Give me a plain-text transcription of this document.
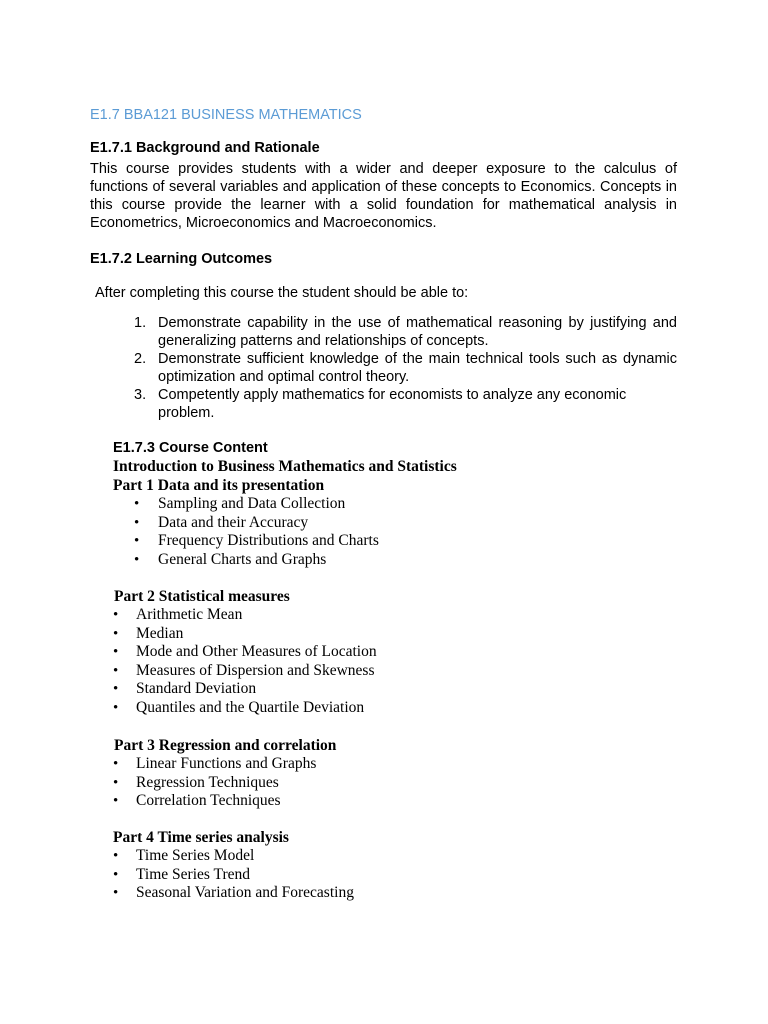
E1.7 BBA121 BUSINESS MATHEMATICS
E1.7.1 Background and Rationale

This course provides students with a wider and deeper exposure to the calculus of functions of several variables and application of these concepts to Economics. Concepts in this course provide the learner with a solid foundation for mathematical analysis in Econometrics, Microeconomics and Macroeconomics.

E1.7.2 Learning Outcomes
After completing this course the student should be able to:
1. Demonstrate capability in the use of mathematical reasoning by justifying and generalizing patterns and relationships of concepts.
2. Demonstrate sufficient knowledge of the main technical tools such as dynamic optimization and optimal control theory.
3. Competently apply mathematics for economists to analyze any economic problem.
E1.7.3 Course Content
Introduction to Business Mathematics and Statistics
Part 1 Data and its presentation
• Sampling and Data Collection
• Data and their Accuracy
• Frequency Distributions and Charts
• General Charts and Graphs
Part 2 Statistical measures
• Arithmetic Mean
• Median
• Mode and Other Measures of Location
• Measures of Dispersion and Skewness
• Standard Deviation
• Quantiles and the Quartile Deviation
Part 3 Regression and correlation
• Linear Functions and Graphs
• Regression Techniques
• Correlation Techniques
Part 4 Time series analysis
• Time Series Model
• Time Series Trend
• Seasonal Variation and Forecasting
